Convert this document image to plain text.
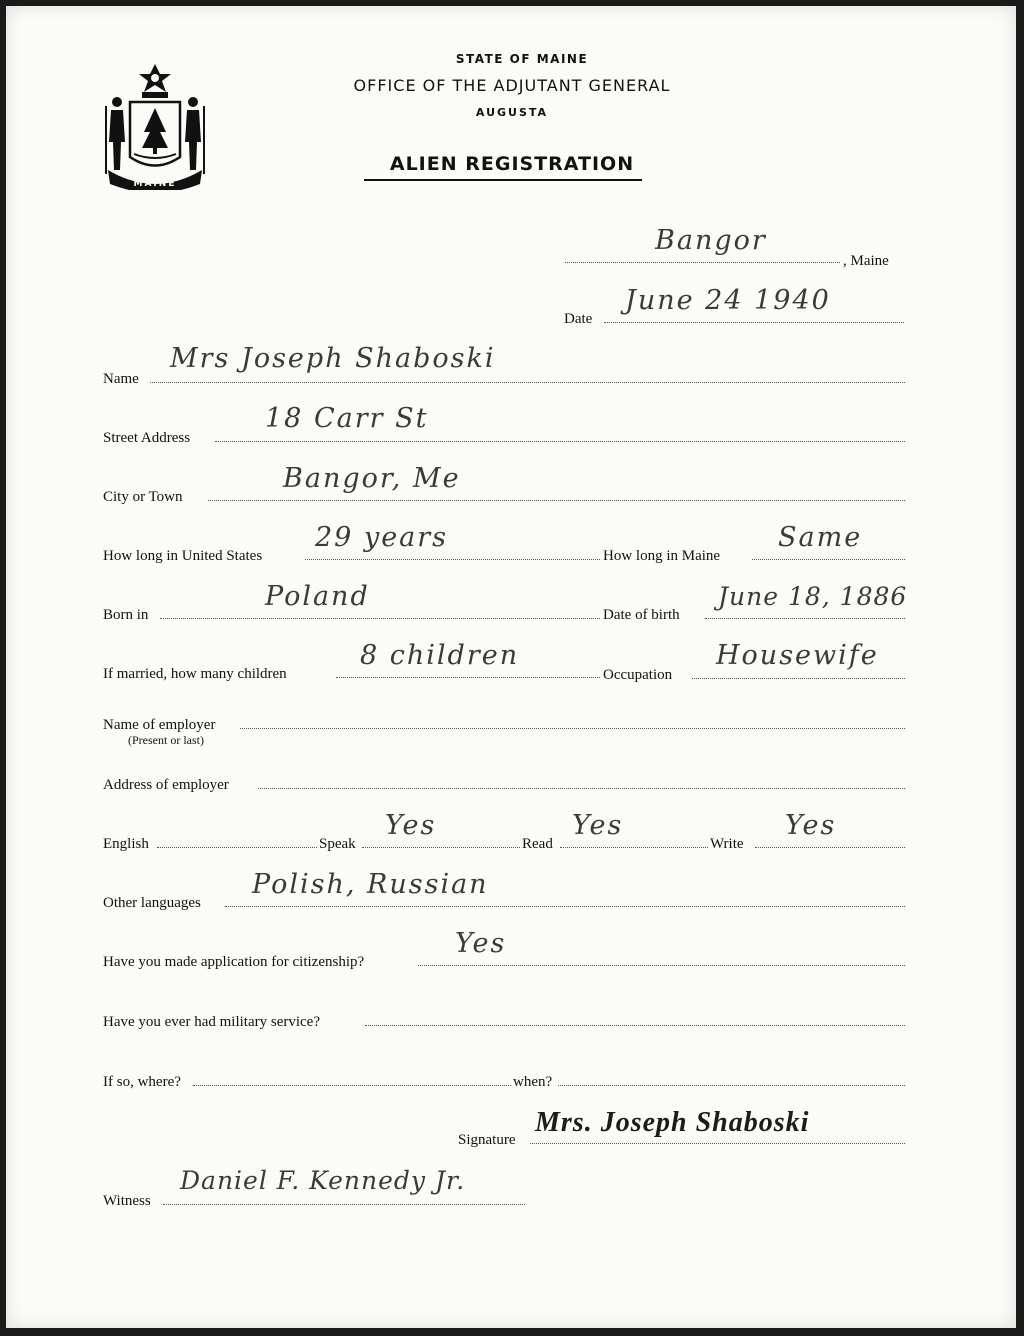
MAINE
STATE OF MAINE
OFFICE OF THE ADJUTANT GENERAL
AUGUSTA
ALIEN REGISTRATION
Bangor
, Maine
Date
June 24 1940
Name
Mrs Joseph Shaboski
Street Address
18 Carr St
City or Town
Bangor, Me
How long in United States
29 years
How long in Maine
Same
Born in
Poland
Date of birth
June 18, 1886
If married, how many children
8 children
Occupation
Housewife
Name of employer
(Present or last)
Address of employer
English	Speak
Yes
Read
Yes
Write
Yes
Other languages
Polish, Russian
Have you made application for citizenship?
Yes
Have you ever had military service?
If so, where?	when?
Signature
Mrs. Joseph Shaboski
Witness
Daniel F. Kennedy Jr.
